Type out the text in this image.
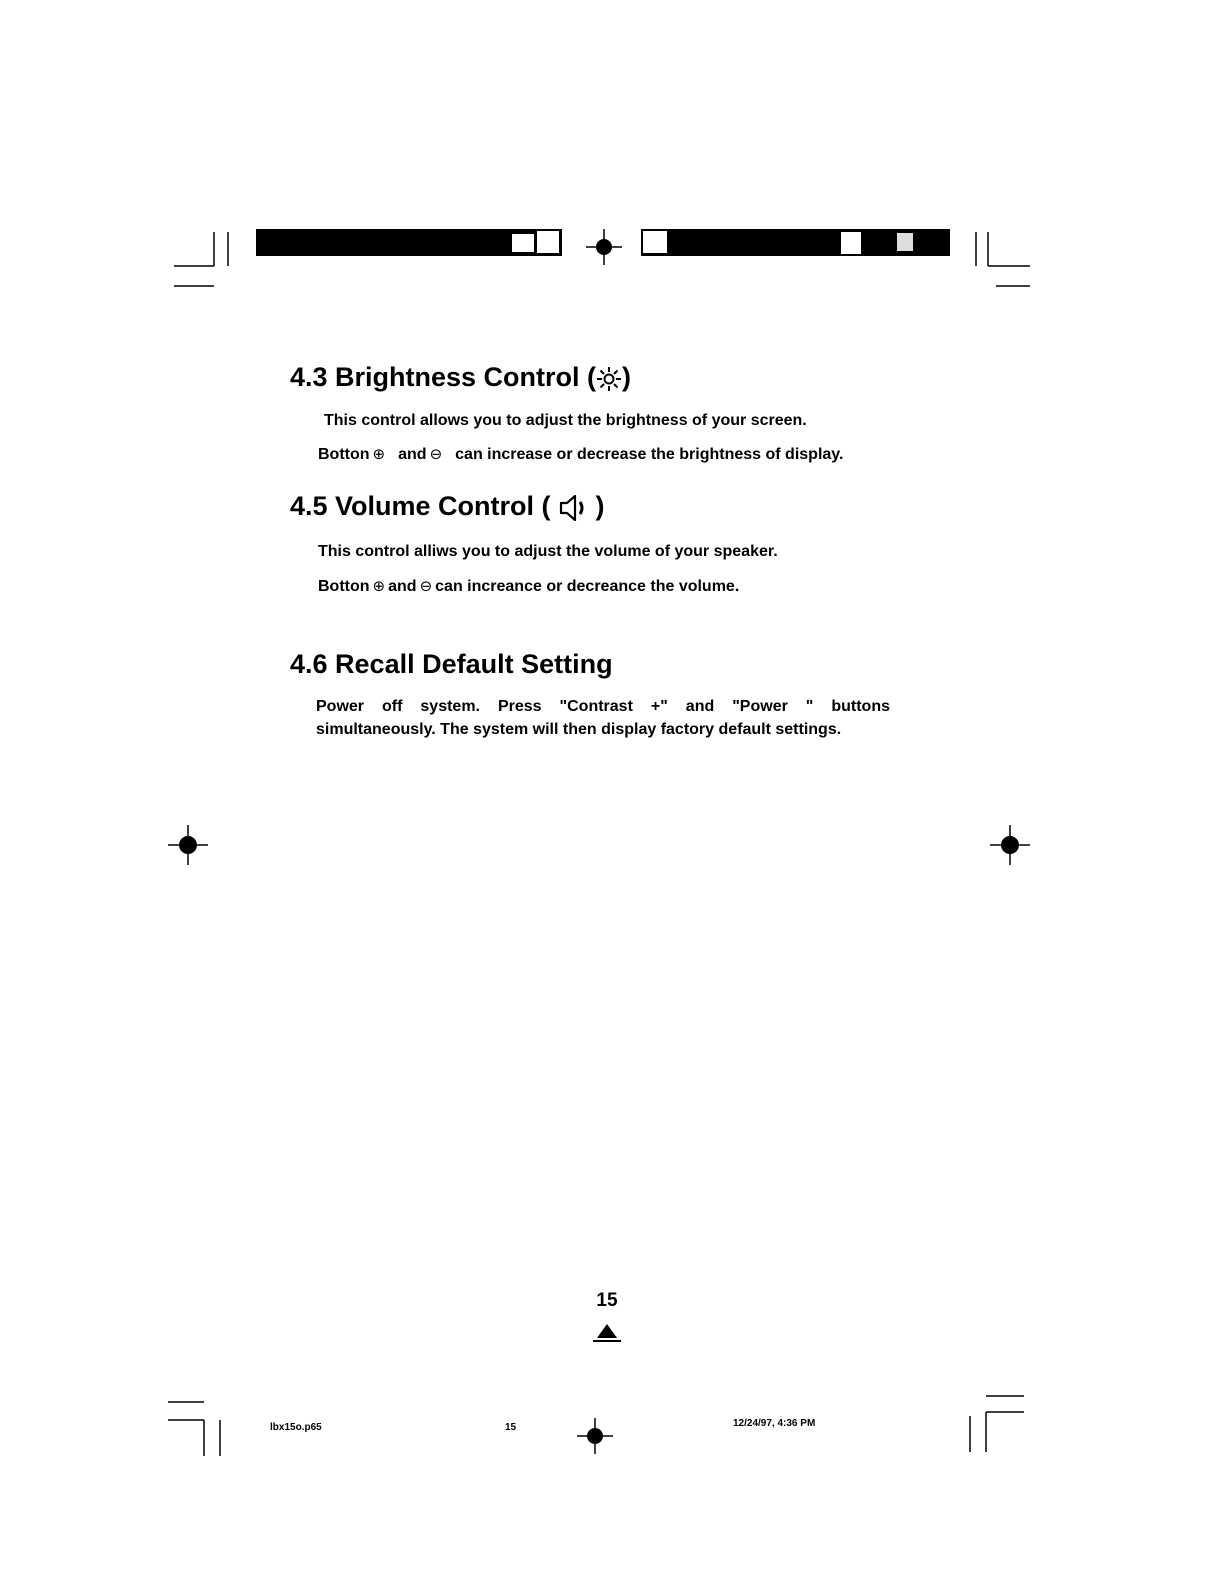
4.3 Brightness Control ( )

This control allows you to adjust the brightness of your screen.

Botton ⊕ and ⊖ can increase or decrease the brightness of display.

4.5 Volume Control (  )

This control alliws you to adjust the volume of your speaker.

Botton ⊕ and ⊖ can increance or decreance the volume.

4.6 Recall Default Setting

Power off system. Press "Contrast +" and "Power " buttons simultaneously. The system will then display factory default settings.

15
lbx15o.p65	15	12/24/97, 4:36 PM
